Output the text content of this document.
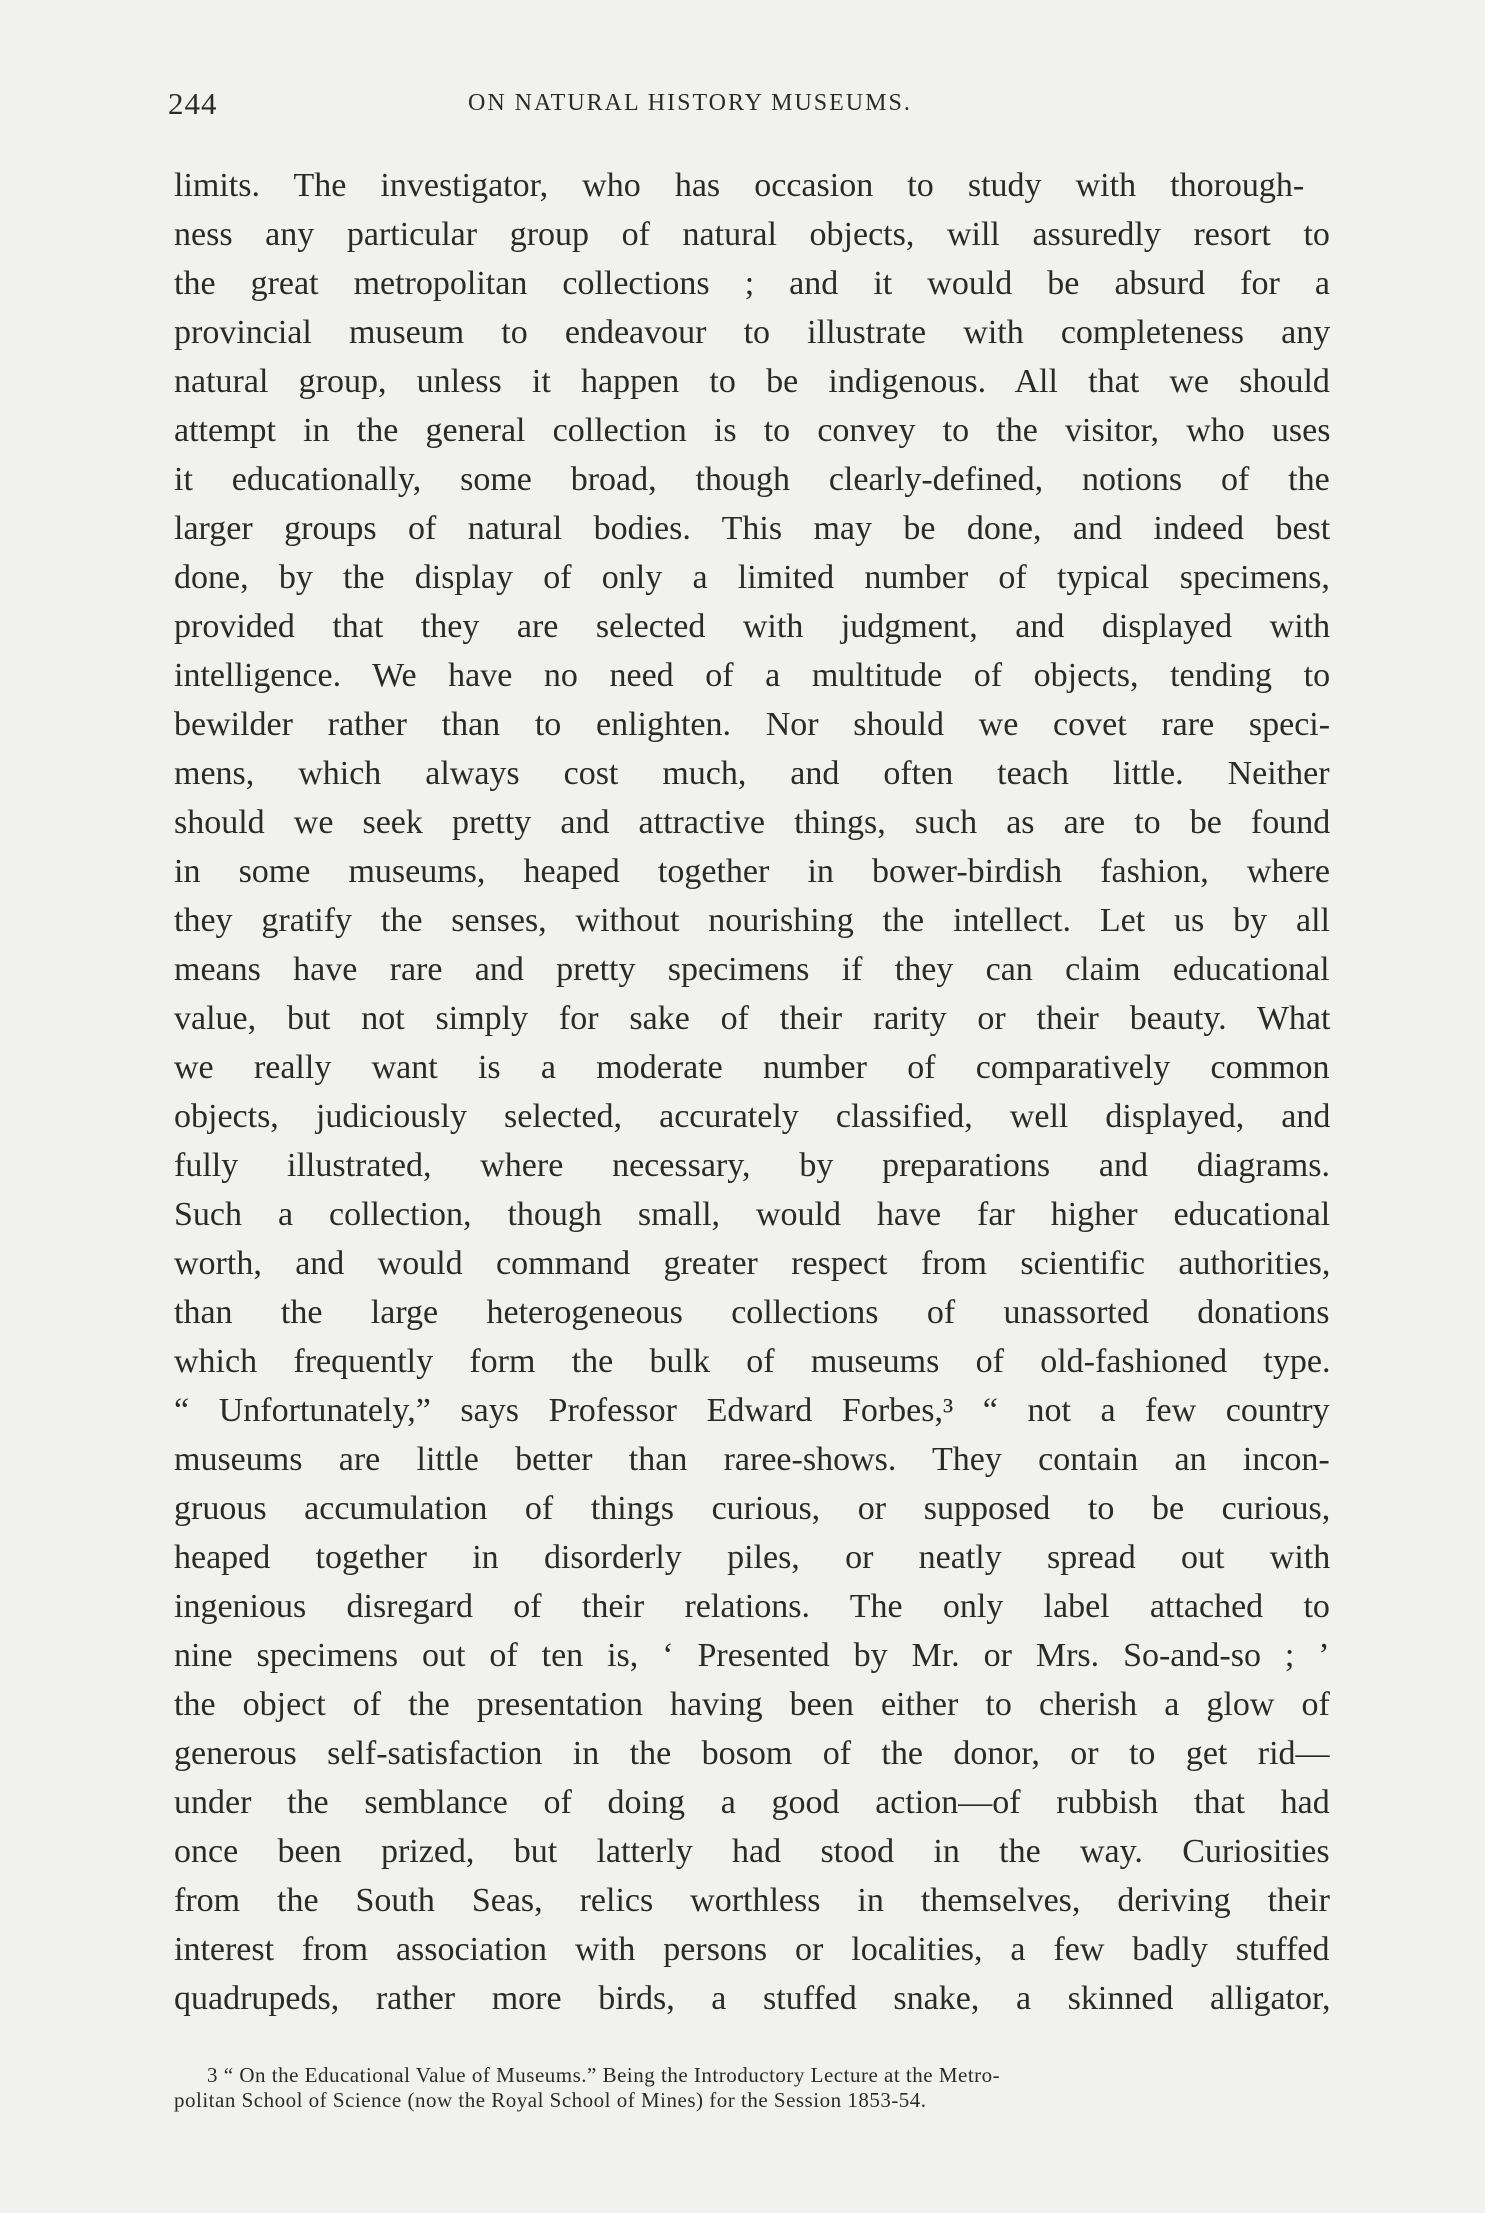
244	ON NATURAL HISTORY MUSEUMS.
limits. The investigator, who has occasion to study with thorough-
ness any particular group of natural objects, will assuredly resort to
the great metropolitan collections ; and it would be absurd for a
provincial museum to endeavour to illustrate with completeness any
natural group, unless it happen to be indigenous. All that we should
attempt in the general collection is to convey to the visitor, who uses
it educationally, some broad, though clearly-defined, notions of the
larger groups of natural bodies. This may be done, and indeed best
done, by the display of only a limited number of typical specimens,
provided that they are selected with judgment, and displayed with
intelligence. We have no need of a multitude of objects, tending to
bewilder rather than to enlighten. Nor should we covet rare speci-
mens, which always cost much, and often teach little. Neither
should we seek pretty and attractive things, such as are to be found
in some museums, heaped together in bower-birdish fashion, where
they gratify the senses, without nourishing the intellect. Let us by all
means have rare and pretty specimens if they can claim educational
value, but not simply for sake of their rarity or their beauty. What
we really want is a moderate number of comparatively common
objects, judiciously selected, accurately classified, well displayed, and
fully illustrated, where necessary, by preparations and diagrams.
Such a collection, though small, would have far higher educational
worth, and would command greater respect from scientific authorities,
than the large heterogeneous collections of unassorted donations
which frequently form the bulk of museums of old-fashioned type.
“ Unfortunately,” says Professor Edward Forbes,³ “ not a few country
museums are little better than raree-shows. They contain an incon-
gruous accumulation of things curious, or supposed to be curious,
heaped together in disorderly piles, or neatly spread out with
ingenious disregard of their relations. The only label attached to
nine specimens out of ten is, ‘ Presented by Mr. or Mrs. So-and-so ; ’
the object of the presentation having been either to cherish a glow of
generous self-satisfaction in the bosom of the donor, or to get rid—
under the semblance of doing a good action—of rubbish that had
once been prized, but latterly had stood in the way. Curiosities
from the South Seas, relics worthless in themselves, deriving their
interest from association with persons or localities, a few badly stuffed
quadrupeds, rather more birds, a stuffed snake, a skinned alligator,
3 “ On the Educational Value of Museums.” Being the Introductory Lecture at the Metro-
politan School of Science (now the Royal School of Mines) for the Session 1853-54.
